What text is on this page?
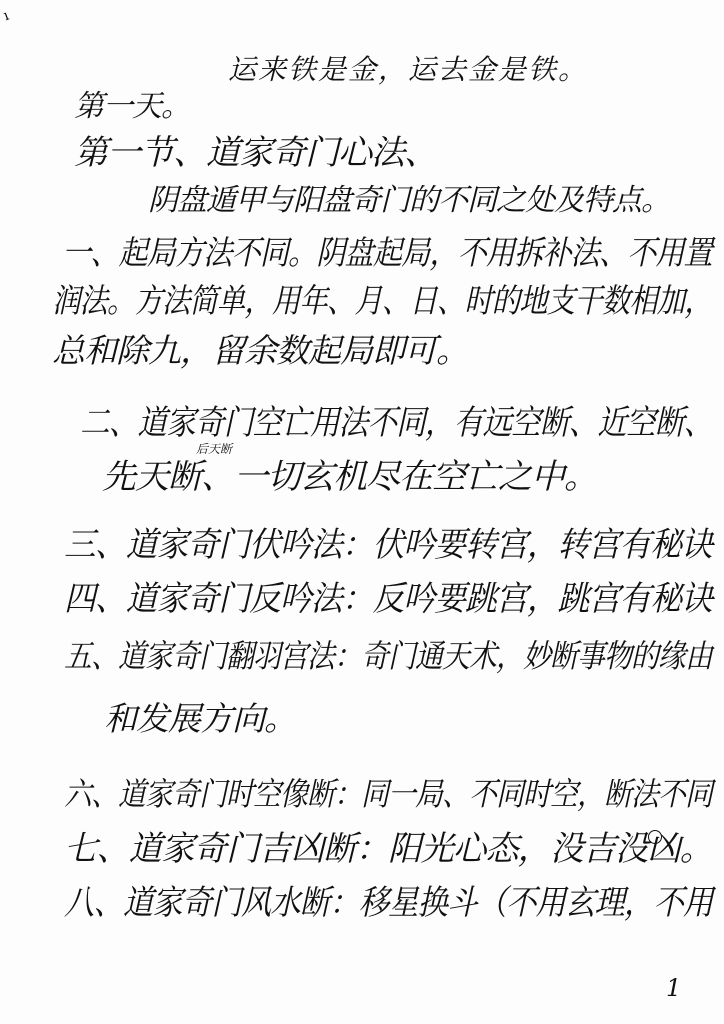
ı
运来铁是金，运去金是铁。
第一天。
第一节、道家奇门心法、
阴盘遁甲与阳盘奇门的不同之处及特点。
一、起局方法不同。阴盘起局，不用拆补法、不用置
润法。方法简单，用年、月、日、时的地支干数相加，
总和除九，留余数起局即可。
二、道家奇门空亡用法不同，有远空断、近空断、
后天断
先天断、一切玄机尽在空亡之中。
三、道家奇门伏吟法：伏吟要转宫，转宫有秘诀
四、道家奇门反吟法：反吟要跳宫，跳宫有秘诀
五、道家奇门翻羽宫法：奇门通天术，妙断事物的缘由
和发展方向。
六、道家奇门时空像断：同一局、不同时空，断法不同
七、道家奇门吉凶断：阳光心态，没吉没凶。
八、道家奇门风水断：移星换斗（不用玄理，不用
1
